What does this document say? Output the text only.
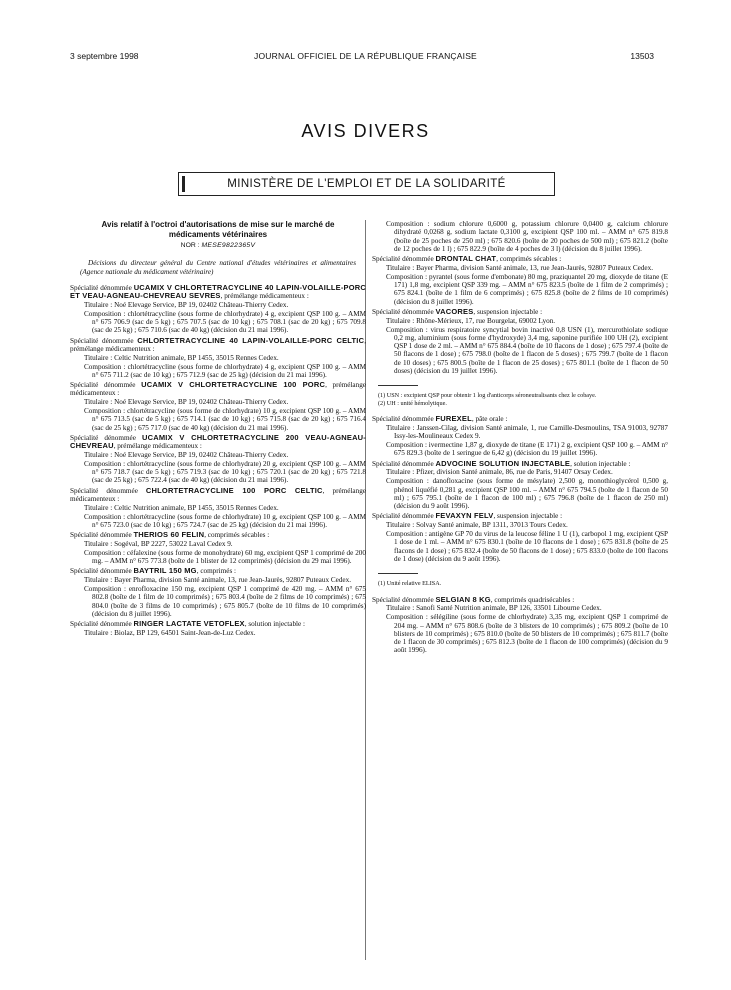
3 septembre 1998	JOURNAL OFFICIEL DE LA RÉPUBLIQUE FRANÇAISE	13503
AVIS DIVERS
MINISTÈRE DE L'EMPLOI ET DE LA SOLIDARITÉ
Avis relatif à l'octroi d'autorisations de mise sur le marché de médicaments vétérinaires
NOR : MESE9822365V
Décisions du directeur général du Centre national d'études vétérinaires et alimentaires (Agence nationale du médicament vétérinaire)
Spécialité dénommée UCAMIX V CHLORTETRACYCLINE 40 LAPIN-VOLAILLE-PORC ET VEAU-AGNEAU-CHEVREAU SEVRES, prémélange médicamenteux :
Titulaire : Noé Elevage Service, BP 19, 02402 Château-Thierry Cedex.
Composition : chlortétracycline (sous forme de chlorhydrate) 4 g, excipient QSP 100 g. – AMM n° 675 706.9 (sac de 5 kg) ; 675 707.5 (sac de 10 kg) ; 675 708.1 (sac de 20 kg) ; 675 709.8 (sac de 25 kg) ; 675 710.6 (sac de 40 kg) (décision du 21 mai 1996).
Spécialité dénommée CHLORTETRACYCLINE 40 LAPIN-VOLAILLE-PORC CELTIC, prémélange médicamenteux :
Titulaire : Celtic Nutrition animale, BP 1455, 35015 Rennes Cedex.
Composition : chlortétracycline (sous forme de chlorhydrate) 4 g, excipient QSP 100 g. – AMM n° 675 711.2 (sac de 10 kg) ; 675 712.9 (sac de 25 kg) (décision du 21 mai 1996).
Spécialité dénommée UCAMIX V CHLORTETRACYCLINE 100 PORC, prémélange médicamenteux :
Titulaire : Noé Elevage Service, BP 19, 02402 Château-Thierry Cedex.
Composition : chlortétracycline (sous forme de chlorhydrate) 10 g, excipient QSP 100 g. – AMM n° 675 713.5 (sac de 5 kg) ; 675 714.1 (sac de 10 kg) ; 675 715.8 (sac de 20 kg) ; 675 716.4 (sac de 25 kg) ; 675 717.0 (sac de 40 kg) (décision du 21 mai 1996).
Spécialité dénommée UCAMIX V CHLORTETRACYCLINE 200 VEAU-AGNEAU-CHEVREAU, prémélange médicamenteux :
Titulaire : Noé Elevage Service, BP 19, 02402 Château-Thierry Cedex.
Composition : chlortétracycline (sous forme de chlorhydrate) 20 g, excipient QSP 100 g. – AMM n° 675 718.7 (sac de 5 kg) ; 675 719.3 (sac de 10 kg) ; 675 720.1 (sac de 20 kg) ; 675 721.8 (sac de 25 kg) ; 675 722.4 (sac de 40 kg) (décision du 21 mai 1996).
Spécialité dénommée CHLORTETRACYCLINE 100 PORC CELTIC, prémélange médicamenteux :
Titulaire : Celtic Nutrition animale, BP 1455, 35015 Rennes Cedex.
Composition : chlortétracycline (sous forme de chlorhydrate) 10 g, excipient QSP 100 g. – AMM n° 675 723.0 (sac de 10 kg) ; 675 724.7 (sac de 25 kg) (décision du 21 mai 1996).
Spécialité dénommée THERIOS 60 FELIN, comprimés sécables :
Titulaire : Sogéval, BP 2227, 53022 Laval Cedex 9.
Composition : céfalexine (sous forme de monohydrate) 60 mg, excipient QSP 1 comprimé de 200 mg. – AMM n° 675 773.8 (boîte de 1 blister de 12 comprimés) (décision du 29 mai 1996).
Spécialité dénommée BAYTRIL 150 MG, comprimés :
Titulaire : Bayer Pharma, division Santé animale, 13, rue Jean-Jaurès, 92807 Puteaux Cedex.
Composition : enrofloxacine 150 mg, excipient QSP 1 comprimé de 420 mg. – AMM n° 675 802.8 (boîte de 1 film de 10 comprimés) ; 675 803.4 (boîte de 2 films de 10 comprimés) ; 675 804.0 (boîte de 3 films de 10 comprimés) ; 675 805.7 (boîte de 10 films de 10 comprimés) (décision du 8 juillet 1996).
Spécialité dénommée RINGER LACTATE VETOFLEX, solution injectable :
Titulaire : Biolaz, BP 129, 64501 Saint-Jean-de-Luz Cedex.
Composition : sodium chlorure 0,6000 g, potassium chlorure 0,0400 g, calcium chlorure dihydraté 0,0268 g, sodium lactate 0,3100 g, excipient QSP 100 ml. – AMM n° 675 819.8 (boîte de 25 poches de 250 ml) ; 675 820.6 (boîte de 20 poches de 500 ml) ; 675 821.2 (boîte de 12 poches de 1 l) ; 675 822.9 (boîte de 4 poches de 3 l) (décision du 8 juillet 1996).
Spécialité dénommée DRONTAL CHAT, comprimés sécables :
Titulaire : Bayer Pharma, division Santé animale, 13, rue Jean-Jaurès, 92807 Puteaux Cedex.
Composition : pyrantel (sous forme d'embonate) 80 mg, praziquantel 20 mg, dioxyde de titane (E 171) 1,8 mg, excipient QSP 339 mg. – AMM n° 675 823.5 (boîte de 1 film de 2 comprimés) ; 675 824.1 (boîte de 1 film de 6 comprimés) ; 675 825.8 (boîte de 2 films de 10 comprimés) (décision du 8 juillet 1996).
Spécialité dénommée VACORES, suspension injectable :
Titulaire : Rhône-Mérieux, 17, rue Bourgelat, 69002 Lyon.
Composition : virus respiratoire syncytial bovin inactivé 0,8 USN (1), mercurothiolate sodique 0,2 mg, aluminium (sous forme d'hydroxyde) 3,4 mg, saponine purifiée 100 UH (2), excipient QSP 1 dose de 2 ml. – AMM n° 675 884.4 (boîte de 10 flacons de 1 dose) ; 675 797.4 (boîte de 50 flacons de 1 dose) ; 675 798.0 (boîte de 1 flacon de 5 doses) ; 675 799.7 (boîte de 1 flacon de 10 doses) ; 675 800.5 (boîte de 1 flacon de 25 doses) ; 675 801.1 (boîte de 1 flacon de 50 doses) (décision du 19 juillet 1996).
(1) USN : excipient QSP pour obtenir 1 log d'anticorps séroneutralisants chez le cobaye.
(2) UH : unité hémolytique.
Spécialité dénommée FUREXEL, pâte orale :
Titulaire : Janssen-Cilag, division Santé animale, 1, rue Camille-Desmoulins, TSA 91003, 92787 Issy-les-Moulineaux Cedex 9.
Composition : ivermectine 1,87 g, dioxyde de titane (E 171) 2 g, excipient QSP 100 g. – AMM n° 675 829.3 (boîte de 1 seringue de 6,42 g) (décision du 19 juillet 1996).
Spécialité dénommée ADVOCINE SOLUTION INJECTABLE, solution injectable :
Titulaire : Pfizer, division Santé animale, 86, rue de Paris, 91407 Orsay Cedex.
Composition : danofloxacine (sous forme de mésylate) 2,500 g, monothioglycérol 0,500 g, phénol liquéfié 0,281 g, excipient QSP 100 ml. – AMM n° 675 794.5 (boîte de 1 flacon de 50 ml) ; 675 795.1 (boîte de 1 flacon de 100 ml) ; 675 796.8 (boîte de 1 flacon de 250 ml) (décision du 9 août 1996).
Spécialité dénommée FEVAXYN FELV, suspension injectable :
Titulaire : Solvay Santé animale, BP 1311, 37013 Tours Cedex.
Composition : antigène GP 70 du virus de la leucose féline 1 U (1), carbopol 1 mg, excipient QSP 1 dose de 1 ml. – AMM n° 675 830.1 (boîte de 10 flacons de 1 dose) ; 675 831.8 (boîte de 25 flacons de 1 dose) ; 675 832.4 (boîte de 50 flacons de 1 dose) ; 675 833.0 (boîte de 100 flacons de 1 dose) (décision du 9 août 1996).
(1) Unité relative ELISA.
Spécialité dénommée SELGIAN 8 KG, comprimés quadrisécables :
Titulaire : Sanofi Santé Nutrition animale, BP 126, 33501 Libourne Cedex.
Composition : sélégiline (sous forme de chlorhydrate) 3,35 mg, excipient QSP 1 comprimé de 204 mg. – AMM n° 675 808.6 (boîte de 3 blisters de 10 comprimés) ; 675 809.2 (boîte de 10 blisters de 10 comprimés) ; 675 810.0 (boîte de 50 blisters de 10 comprimés) ; 675 811.7 (boîte de 1 flacon de 30 comprimés) ; 675 812.3 (boîte de 1 flacon de 100 comprimés) (décision du 9 août 1996).
